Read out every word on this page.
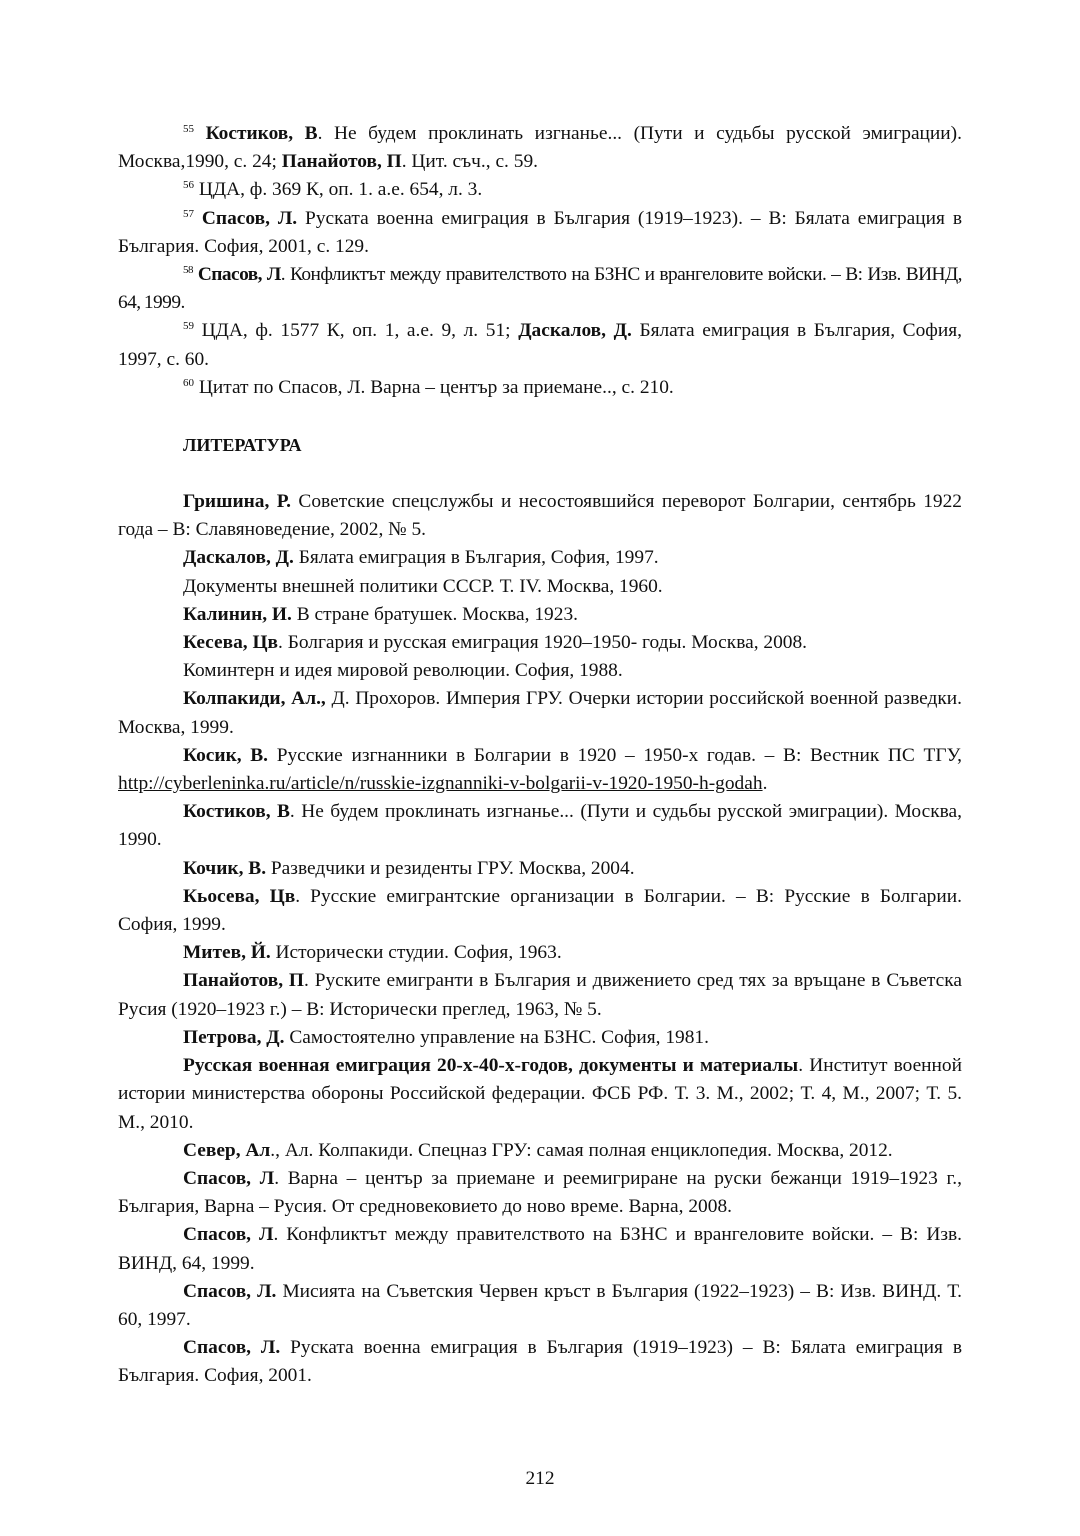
$^{55}$ Костиков, В. Не будем проклинать изгнанье... (Пути и судьбы русской эмиграции). Москва,1990, с. 24; Панайотов, П. Цит. съч., с. 59.

$^{56}$ ЦДА, ф. 369 К, оп. 1. а.е. 654, л. 3.

$^{57}$ Спасов, Л. Руската военна емиграция в България (1919–1923). – В: Бялата емиграция в България. София, 2001, с. 129.

$^{58}$ Спасов, Л. Конфликтът между правителството на БЗНС и врангеловите войски. – В: Изв. ВИНД, 64, 1999.

$^{59}$ ЦДА, ф. 1577 К, оп. 1, а.е. 9, л. 51; Даскалов, Д. Бялата емиграция в България, София, 1997, с. 60.

$^{60}$ Цитат по Спасов, Л. Варна – център за приемане.., с. 210.

ЛИТЕРАТУРА

Гришина, Р. Советские спецслужбы и несостоявшийся переворот Болгарии, сентябрь 1922 года – В: Славяноведение, 2002, № 5.

Даскалов, Д. Бялата емиграция в България, София, 1997.

Документы внешней политики СССР. Т. IV. Москва, 1960.

Калинин, И. В стране братушек. Москва, 1923.

Кесева, Цв. Болгария и русская емиграция 1920–1950- годы. Москва, 2008.

Коминтерн и идея мировой революции. София, 1988.

Колпакиди, Ал., Д. Прохоров. Империя ГРУ. Очерки истории российской военной разведки. Москва, 1999.

Косик, В. Русские изгнанники в Болгарии в 1920 – 1950-х годав. – В: Вестник ПС ТГУ, http://cyberleninka.ru/article/n/russkie-izgnanniki-v-bolgarii-v-1920-1950-h-godah.

Костиков, В. Не будем проклинать изгнанье... (Пути и судьбы русской эмиграции). Москва, 1990.

Кочик, В. Разведчики и резиденты ГРУ. Москва, 2004.

Кьосева, Цв. Русские емигрантские организации в Болгарии. – В: Русские в Болгарии. София, 1999.

Митев, Й. Исторически студии. София, 1963.

Панайотов, П. Руските емигранти в България и движението сред тях за връщане в Съветска Русия (1920–1923 г.) – В: Исторически преглед, 1963, № 5.

Петрова, Д. Самостоятелно управление на БЗНС. София, 1981.

Русская военная емиграция 20-х-40-х-годов, документы и материалы. Институт военной истории министерства обороны Российской федерации. ФСБ РФ. Т. 3. М., 2002; Т. 4, М., 2007; Т. 5. М., 2010.

Север, Ал., Ал. Колпакиди. Спецназ ГРУ: самая полная енциклопедия. Москва, 2012.

Спасов, Л. Варна – център за приемане и реемигриране на руски бежанци 1919–1923 г., България, Варна – Русия. От средновековието до ново време. Варна, 2008.

Спасов, Л. Конфликтът между правителството на БЗНС и врангеловите войски. – В: Изв. ВИНД, 64, 1999.

Спасов, Л. Мисията на Съветския Червен кръст в България (1922–1923) – В: Изв. ВИНД. Т. 60, 1997.

Спасов, Л. Руската военна емиграция в България (1919–1923) – В: Бялата емиграция в България. София, 2001.

212
